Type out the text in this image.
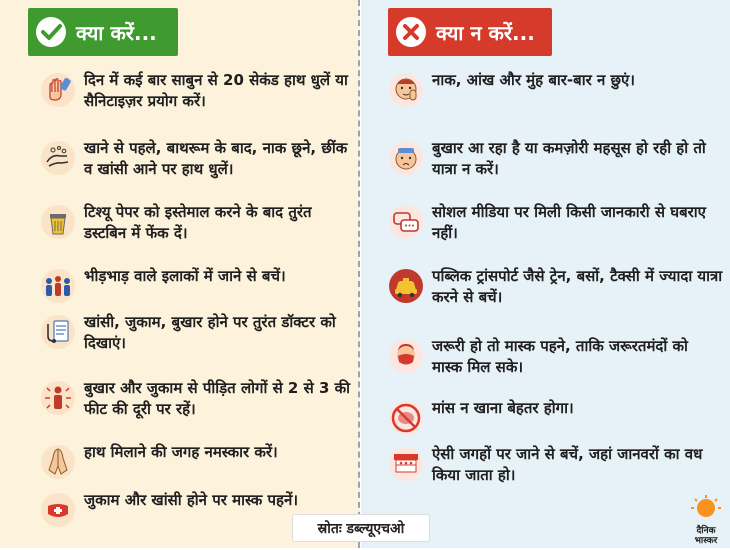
क्या करें...	क्या न करें...
दिन में कई बार साबुन से 20 सेकंड हाथ धुलें या सैनिटाइज़र प्रयोग करें।
खाने से पहले, बाथरूम के बाद, नाक छूने, छींक व खांसी आने पर हाथ धुलें।
टिश्यू पेपर को इस्तेमाल करने के बाद तुरंत डस्टबिन में फेंक दें।
भीड़भाड़ वाले इलाकों में जाने से बचें।
खांसी, जुकाम, बुखार होने पर तुरंत डॉक्टर को दिखाएं।
बुखार और जुकाम से पीड़ित लोगों से 2 से 3 की फीट की दूरी पर रहें।
हाथ मिलाने की जगह नमस्कार करें।
जुकाम और खांसी होने पर मास्क पहनें।
नाक, आंख और मुंह बार-बार न छुएं।
बुखार आ रहा है या कमज़ोरी महसूस हो रही हो तो यात्रा न करें।
सोशल मीडिया पर मिली किसी जानकारी से घबराए नहीं।
पब्लिक ट्रांसपोर्ट जैसे ट्रेन, बसों, टैक्सी में ज्यादा यात्रा करने से बचें।
जरूरी हो तो मास्क पहने, ताकि जरूरतमंदों को मास्क मिल सके।
मांस न खाना बेहतर होगा।
ऐसी जगहों पर जाने से बचें, जहां जानवरों का वध किया जाता हो।
स्रोतः डब्ल्यूएचओ	दैनिक
भास्कर
